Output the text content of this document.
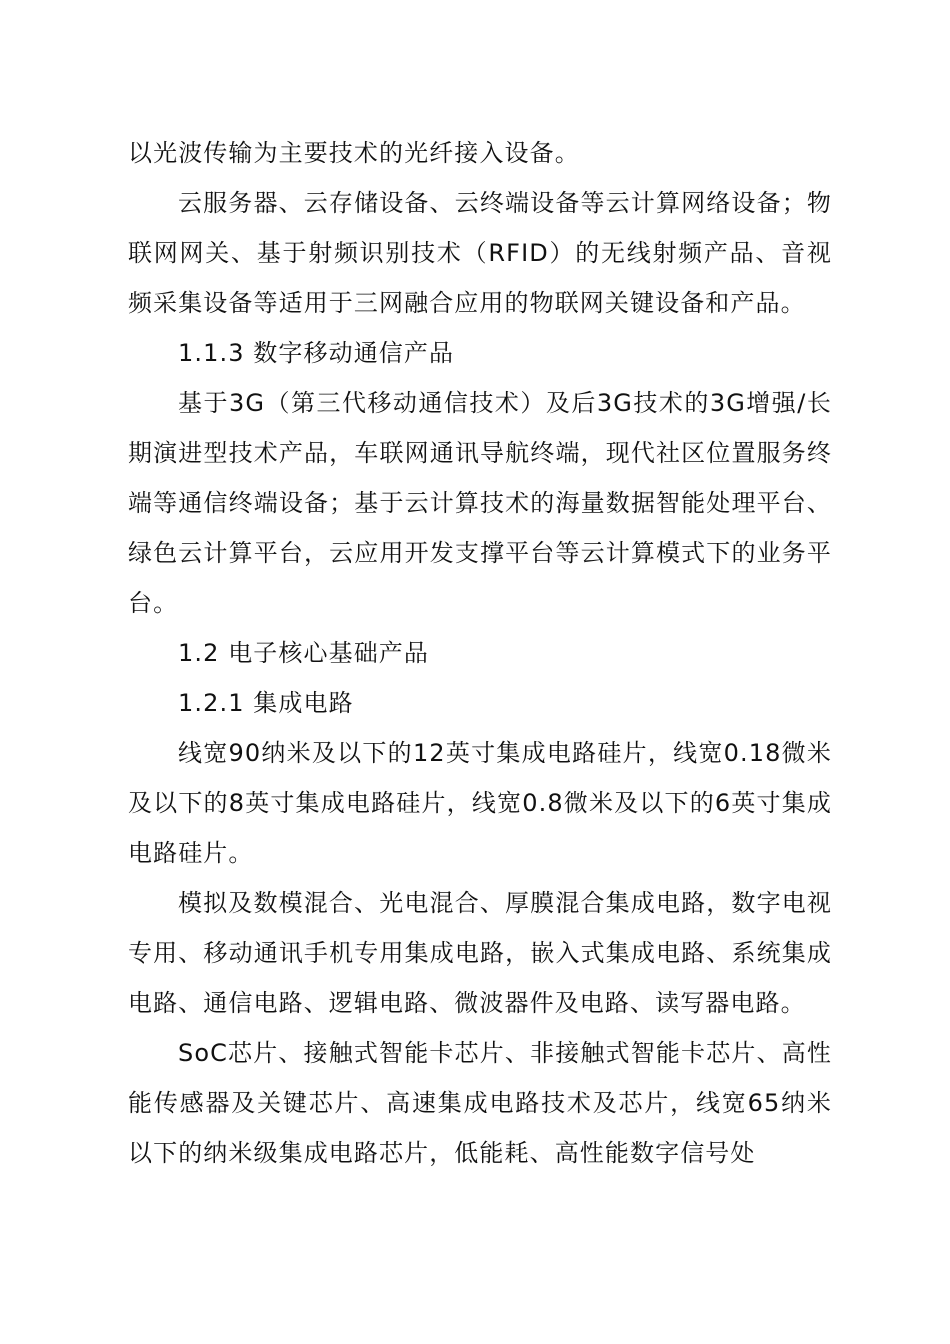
以光波传输为主要技术的光纤接入设备。

云服务器、云存储设备、云终端设备等云计算网络设备；物联网网关、基于射频识别技术（RFID）的无线射频产品、音视频采集设备等适用于三网融合应用的物联网关键设备和产品。

1.1.3 数字移动通信产品

基于3G（第三代移动通信技术）及后3G技术的3G增强/长期演进型技术产品，车联网通讯导航终端，现代社区位置服务终端等通信终端设备；基于云计算技术的海量数据智能处理平台、绿色云计算平台，云应用开发支撑平台等云计算模式下的业务平台。

1.2 电子核心基础产品
1.2.1 集成电路

线宽90纳米及以下的12英寸集成电路硅片，线宽0.18微米及以下的8英寸集成电路硅片，线宽0.8微米及以下的6英寸集成电路硅片。

模拟及数模混合、光电混合、厚膜混合集成电路，数字电视专用、移动通讯手机专用集成电路，嵌入式集成电路、系统集成电路、通信电路、逻辑电路、微波器件及电路、读写器电路。

SoC芯片、接触式智能卡芯片、非接触式智能卡芯片、高性能传感器及关键芯片、高速集成电路技术及芯片，线宽65纳米以下的纳米级集成电路芯片，低能耗、高性能数字信号处
